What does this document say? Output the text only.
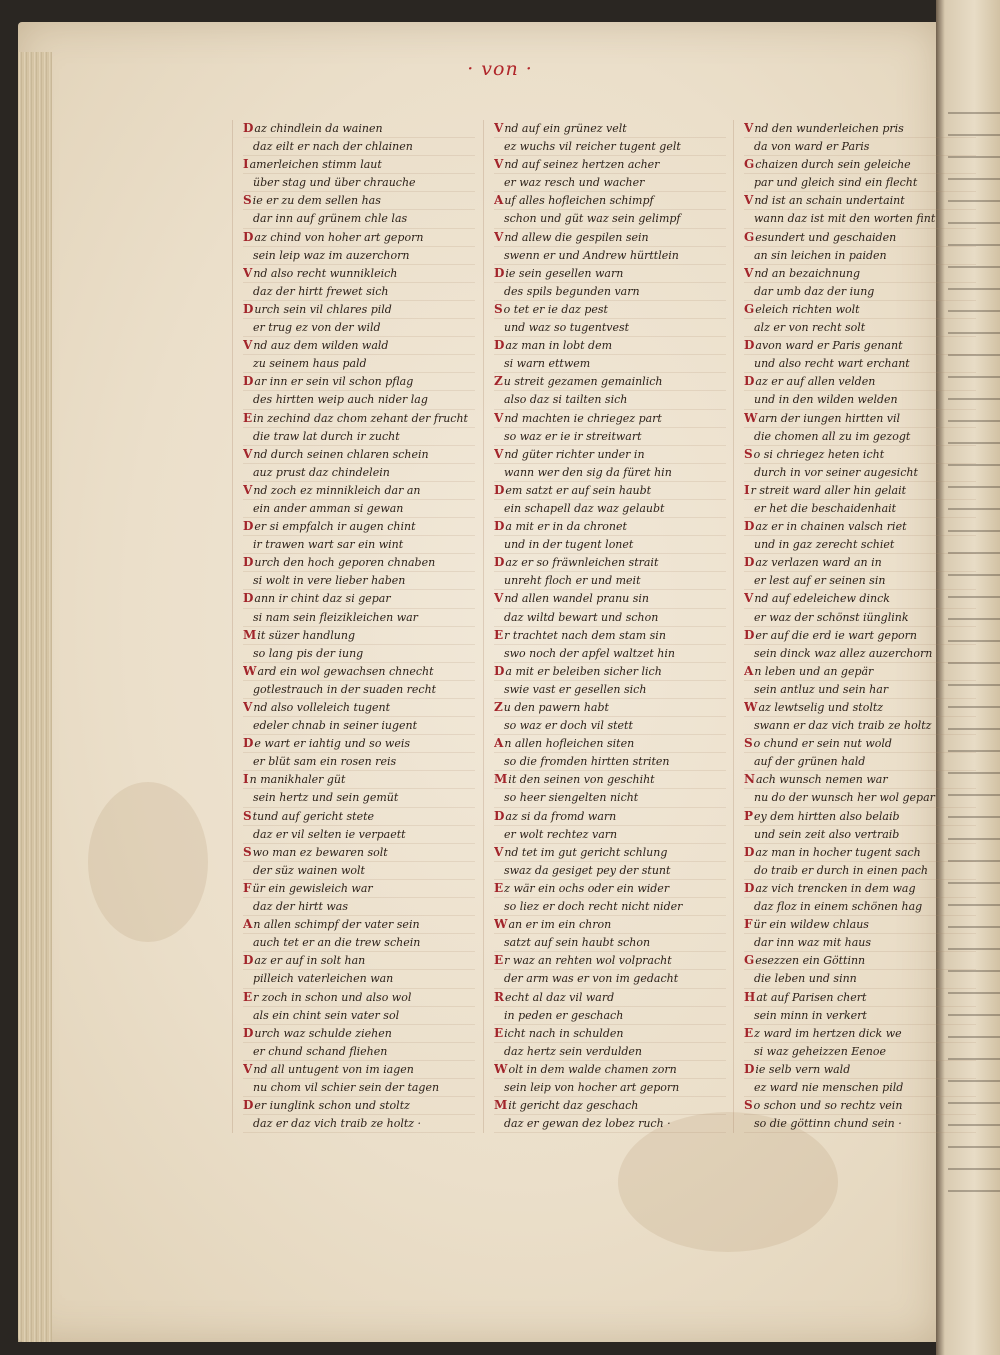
· von ·
Daz chindlein da wainen
daz eilt er nach der chlainen
Iamerleichen stimm laut
über stag und über chrauche
Sie er zu dem sellen has
dar inn auf grünem chle las
Daz chind von hoher art geporn
sein leip waz im auzerchorn
Vnd also recht wunnikleich
daz der hirtt frewet sich
Durch sein vil chlares pild
er trug ez von der wild
Vnd auz dem wilden wald
zu seinem haus pald
Dar inn er sein vil schon pflag
des hirtten weip auch nider lag
Ein zechind daz chom zehant der frucht
die traw lat durch ir zucht
Vnd durch seinen chlaren schein
auz prust daz chindelein
Vnd zoch ez minnikleich dar an
ein ander amman si gewan
Der si empfalch ir augen chint
ir trawen wart sar ein wint
Durch den hoch geporen chnaben
si wolt in vere lieber haben
Dann ir chint daz si gepar
si nam sein fleizikleichen war
Mit süzer handlung
so lang pis der iung
Ward ein wol gewachsen chnecht
gotlestrauch in der suaden recht
Vnd also volleleich tugent
edeler chnab in seiner iugent
De wart er iahtig und so weis
er blüt sam ein rosen reis
In manikhaler güt
sein hertz und sein gemüt
Stund auf gericht stete
daz er vil selten ie verpaett
Swo man ez bewaren solt
der süz wainen wolt
Für ein gewisleich war
daz der hirtt was
An allen schimpf der vater sein
auch tet er an die trew schein
Daz er auf in solt han
pilleich vaterleichen wan
Er zoch in schon und also wol
als ein chint sein vater sol
Durch waz schulde ziehen
er chund schand fliehen
Vnd all untugent von im iagen
nu chom vil schier sein der tagen
Der iunglink schon und stoltz
daz er daz vich traib ze holtz ·
Vnd auf ein grünez velt
ez wuchs vil reicher tugent gelt
Vnd auf seinez hertzen acher
er waz resch und wacher
Auf alles hofleichen schimpf
schon und güt waz sein gelimpf
Vnd allew die gespilen sein
swenn er und Andrew hürttlein
Die sein gesellen warn
des spils begunden varn
So tet er ie daz pest
und waz so tugentvest
Daz man in lobt dem
si warn ettwem
Zu streit gezamen gemainlich
also daz si tailten sich
Vnd machten ie chriegez part
so waz er ie ir streitwart
Vnd güter richter under in
wann wer den sig da füret hin
Dem satzt er auf sein haubt
ein schapell daz waz gelaubt
Da mit er in da chronet
und in der tugent lonet
Daz er so fräwnleichen strait
unreht floch er und meit
Vnd allen wandel pranu sin
daz wiltd bewart und schon
Er trachtet nach dem stam sin
swo noch der apfel waltzet hin
Da mit er beleiben sicher lich
swie vast er gesellen sich
Zu den pawern habt
so waz er doch vil stett
An allen hofleichen siten
so die fromden hirtten striten
Mit den seinen von geschiht
so heer siengelten nicht
Daz si da fromd warn
er wolt rechtez varn
Vnd tet im gut gericht schlung
swaz da gesiget pey der stunt
Ez wär ein ochs oder ein wider
so liez er doch recht nicht nider
Wan er im ein chron
satzt auf sein haubt schon
Er waz an rehten wol volpracht
der arm was er von im gedacht
Recht al daz vil ward
in peden er geschach
Eicht nach in schulden
daz hertz sein verdulden
Wolt in dem walde chamen zorn
sein leip von hocher art geporn
Mit gericht daz geschach
daz er gewan dez lobez ruch ·
Vnd den wunderleichen pris
da von ward er Paris
Gchaizen durch sein geleiche
par und gleich sind ein flecht
Vnd ist an schain undertaint
wann daz ist mit den worten fint
Gesundert und geschaiden
an sin leichen in paiden
Vnd an bezaichnung
dar umb daz der iung
Geleich richten wolt
alz er von recht solt
Davon ward er Paris genant
und also recht wart erchant
Daz er auf allen velden
und in den wilden welden
Warn der iungen hirtten vil
die chomen all zu im gezogt
So si chriegez heten icht
durch in vor seiner augesicht
Ir streit ward aller hin gelait
er het die beschaidenhait
Daz er in chainen valsch riet
und in gaz zerecht schiet
Daz verlazen ward an in
er lest auf er seinen sin
Vnd auf edeleichew dinck
er waz der schönst iünglink
Der auf die erd ie wart geporn
sein dinck waz allez auzerchorn
An leben und an gepär
sein antluz und sein har
Waz lewtselig und stoltz
swann er daz vich traib ze holtz
So chund er sein nut wold
auf der grünen hald
Nach wunsch nemen war
nu do der wunsch her wol gepar
Pey dem hirtten also belaib
und sein zeit also vertraib
Daz man in hocher tugent sach
do traib er durch in einen pach
Daz vich trencken in dem wag
daz floz in einem schönen hag
Für ein wildew chlaus
dar inn waz mit haus
Gesezzen ein Göttinn
die leben und sinn
Hat auf Parisen chert
sein minn in verkert
Ez ward im hertzen dick we
si waz geheizzen Eenoe
Die selb vern wald
ez ward nie menschen pild
So schon und so rechtz vein
so die göttinn chund sein ·
